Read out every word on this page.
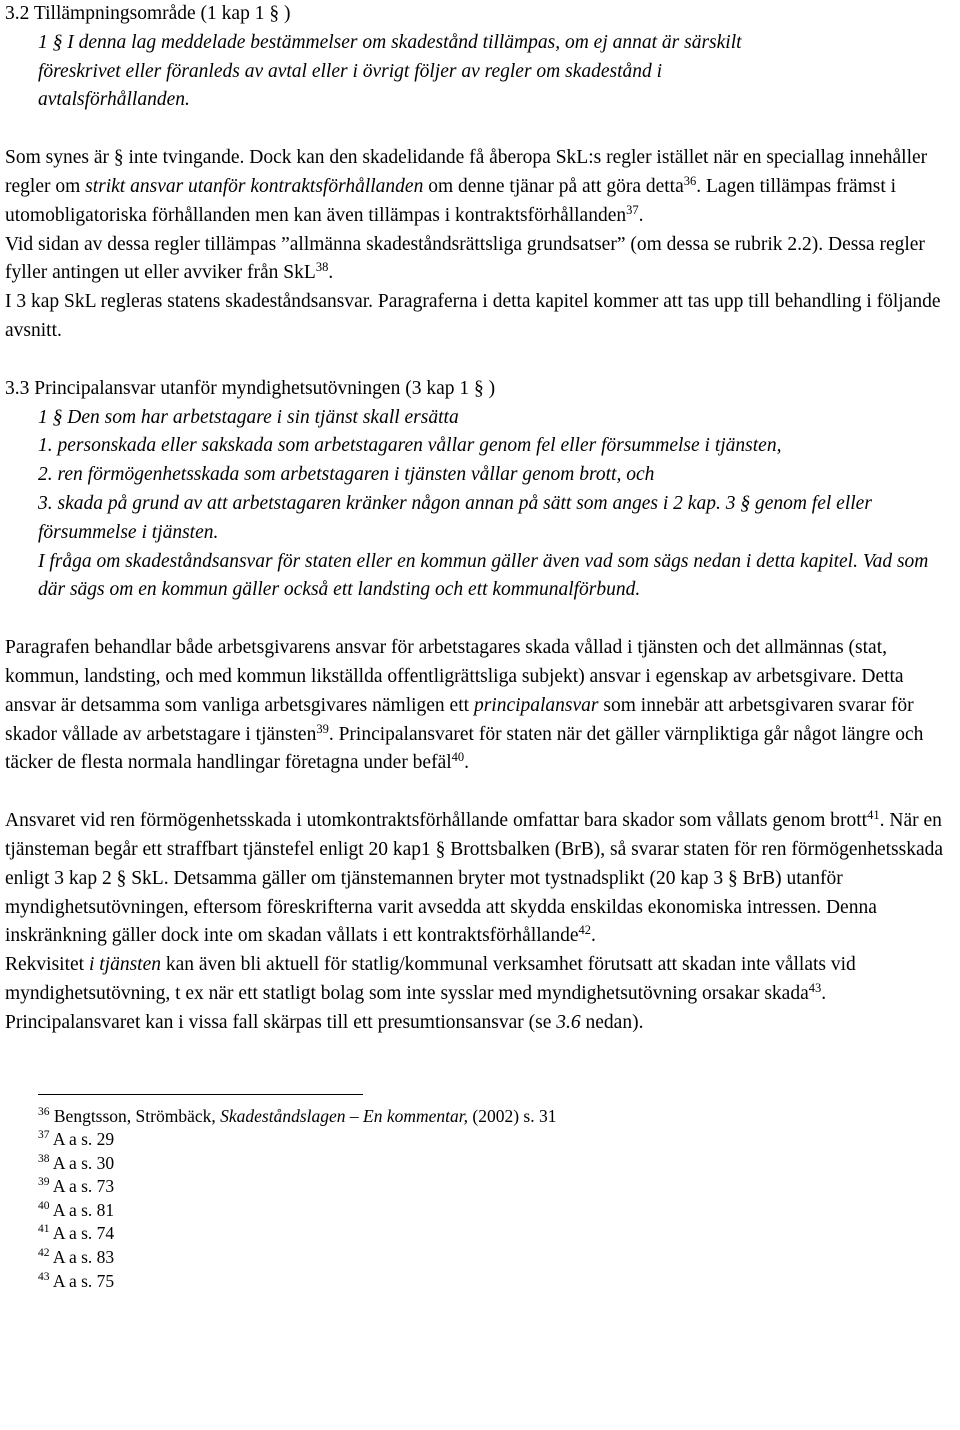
3.2 Tillämpningsområde (1 kap 1 § )

1 § I denna lag meddelade bestämmelser om skadestånd tillämpas, om ej annat är särskilt

föreskrivet eller föranleds av avtal eller i övrigt följer av regler om skadestånd i

avtalsförhållanden.

Som synes är § inte tvingande. Dock kan den skadelidande få åberopa SkL:s regler istället när en speciallag innehåller regler om strikt ansvar utanför kontraktsförhållanden om denne tjänar på att göra detta$^{36}$. Lagen tillämpas främst i utomobligatoriska förhållanden men kan även tillämpas i kontraktsförhållanden$^{37}$.

Vid sidan av dessa regler tillämpas ”allmänna skadeståndsrättsliga grundsatser” (om dessa se rubrik 2.2). Dessa regler fyller antingen ut eller avviker från SkL$^{38}$.

I 3 kap SkL regleras statens skadeståndsansvar. Paragraferna i detta kapitel kommer att tas upp till behandling i följande avsnitt.

3.3 Principalansvar utanför myndighetsutövningen (3 kap 1 § )

1 § Den som har arbetstagare i sin tjänst skall ersätta

1. personskada eller sakskada som arbetstagaren vållar genom fel eller försummelse i tjänsten,

2. ren förmögenhetsskada som arbetstagaren i tjänsten vållar genom brott, och

3. skada på grund av att arbetstagaren kränker någon annan på sätt som anges i 2 kap. 3 § genom fel eller försummelse i tjänsten.

I fråga om skadeståndsansvar för staten eller en kommun gäller även vad som sägs nedan i detta kapitel. Vad som där sägs om en kommun gäller också ett landsting och ett kommunalförbund.

Paragrafen behandlar både arbetsgivarens ansvar för arbetstagares skada vållad i tjänsten och det allmännas (stat, kommun, landsting, och med kommun likställda offentligrättsliga subjekt) ansvar i egenskap av arbetsgivare. Detta ansvar är detsamma som vanliga arbetsgivares nämligen ett principalansvar som innebär att arbetsgivaren svarar för skador vållade av arbetstagare i tjänsten$^{39}$. Principalansvaret för staten när det gäller värnpliktiga går något längre och täcker de flesta normala handlingar företagna under befäl$^{40}$.

Ansvaret vid ren förmögenhetsskada i utomkontraktsförhållande omfattar bara skador som vållats genom brott$^{41}$. När en tjänsteman begår ett straffbart tjänstefel enligt 20 kap1 § Brottsbalken (BrB), så svarar staten för ren förmögenhetsskada enligt 3 kap 2 § SkL. Detsamma gäller om tjänstemannen bryter mot tystnadsplikt (20 kap 3 § BrB) utanför myndighetsutövningen, eftersom föreskrifterna varit avsedda att skydda enskildas ekonomiska intressen. Denna inskränkning gäller dock inte om skadan vållats i ett kontraktsförhållande$^{42}$.

Rekvisitet i tjänsten kan även bli aktuell för statlig/kommunal verksamhet förutsatt att skadan inte vållats vid myndighetsutövning, t ex när ett statligt bolag som inte sysslar med myndighetsutövning orsakar skada$^{43}$. Principalansvaret kan i vissa fall skärpas till ett presumtionsansvar (se 3.6 nedan).

$^{36}$ Bengtsson, Strömbäck, Skadeståndslagen – En kommentar, (2002) s. 31

$^{37}$ A a s. 29

$^{38}$ A a s. 30

$^{39}$ A a s. 73

$^{40}$ A a s. 81

$^{41}$ A a s. 74

$^{42}$ A a s. 83

$^{43}$ A a s. 75
